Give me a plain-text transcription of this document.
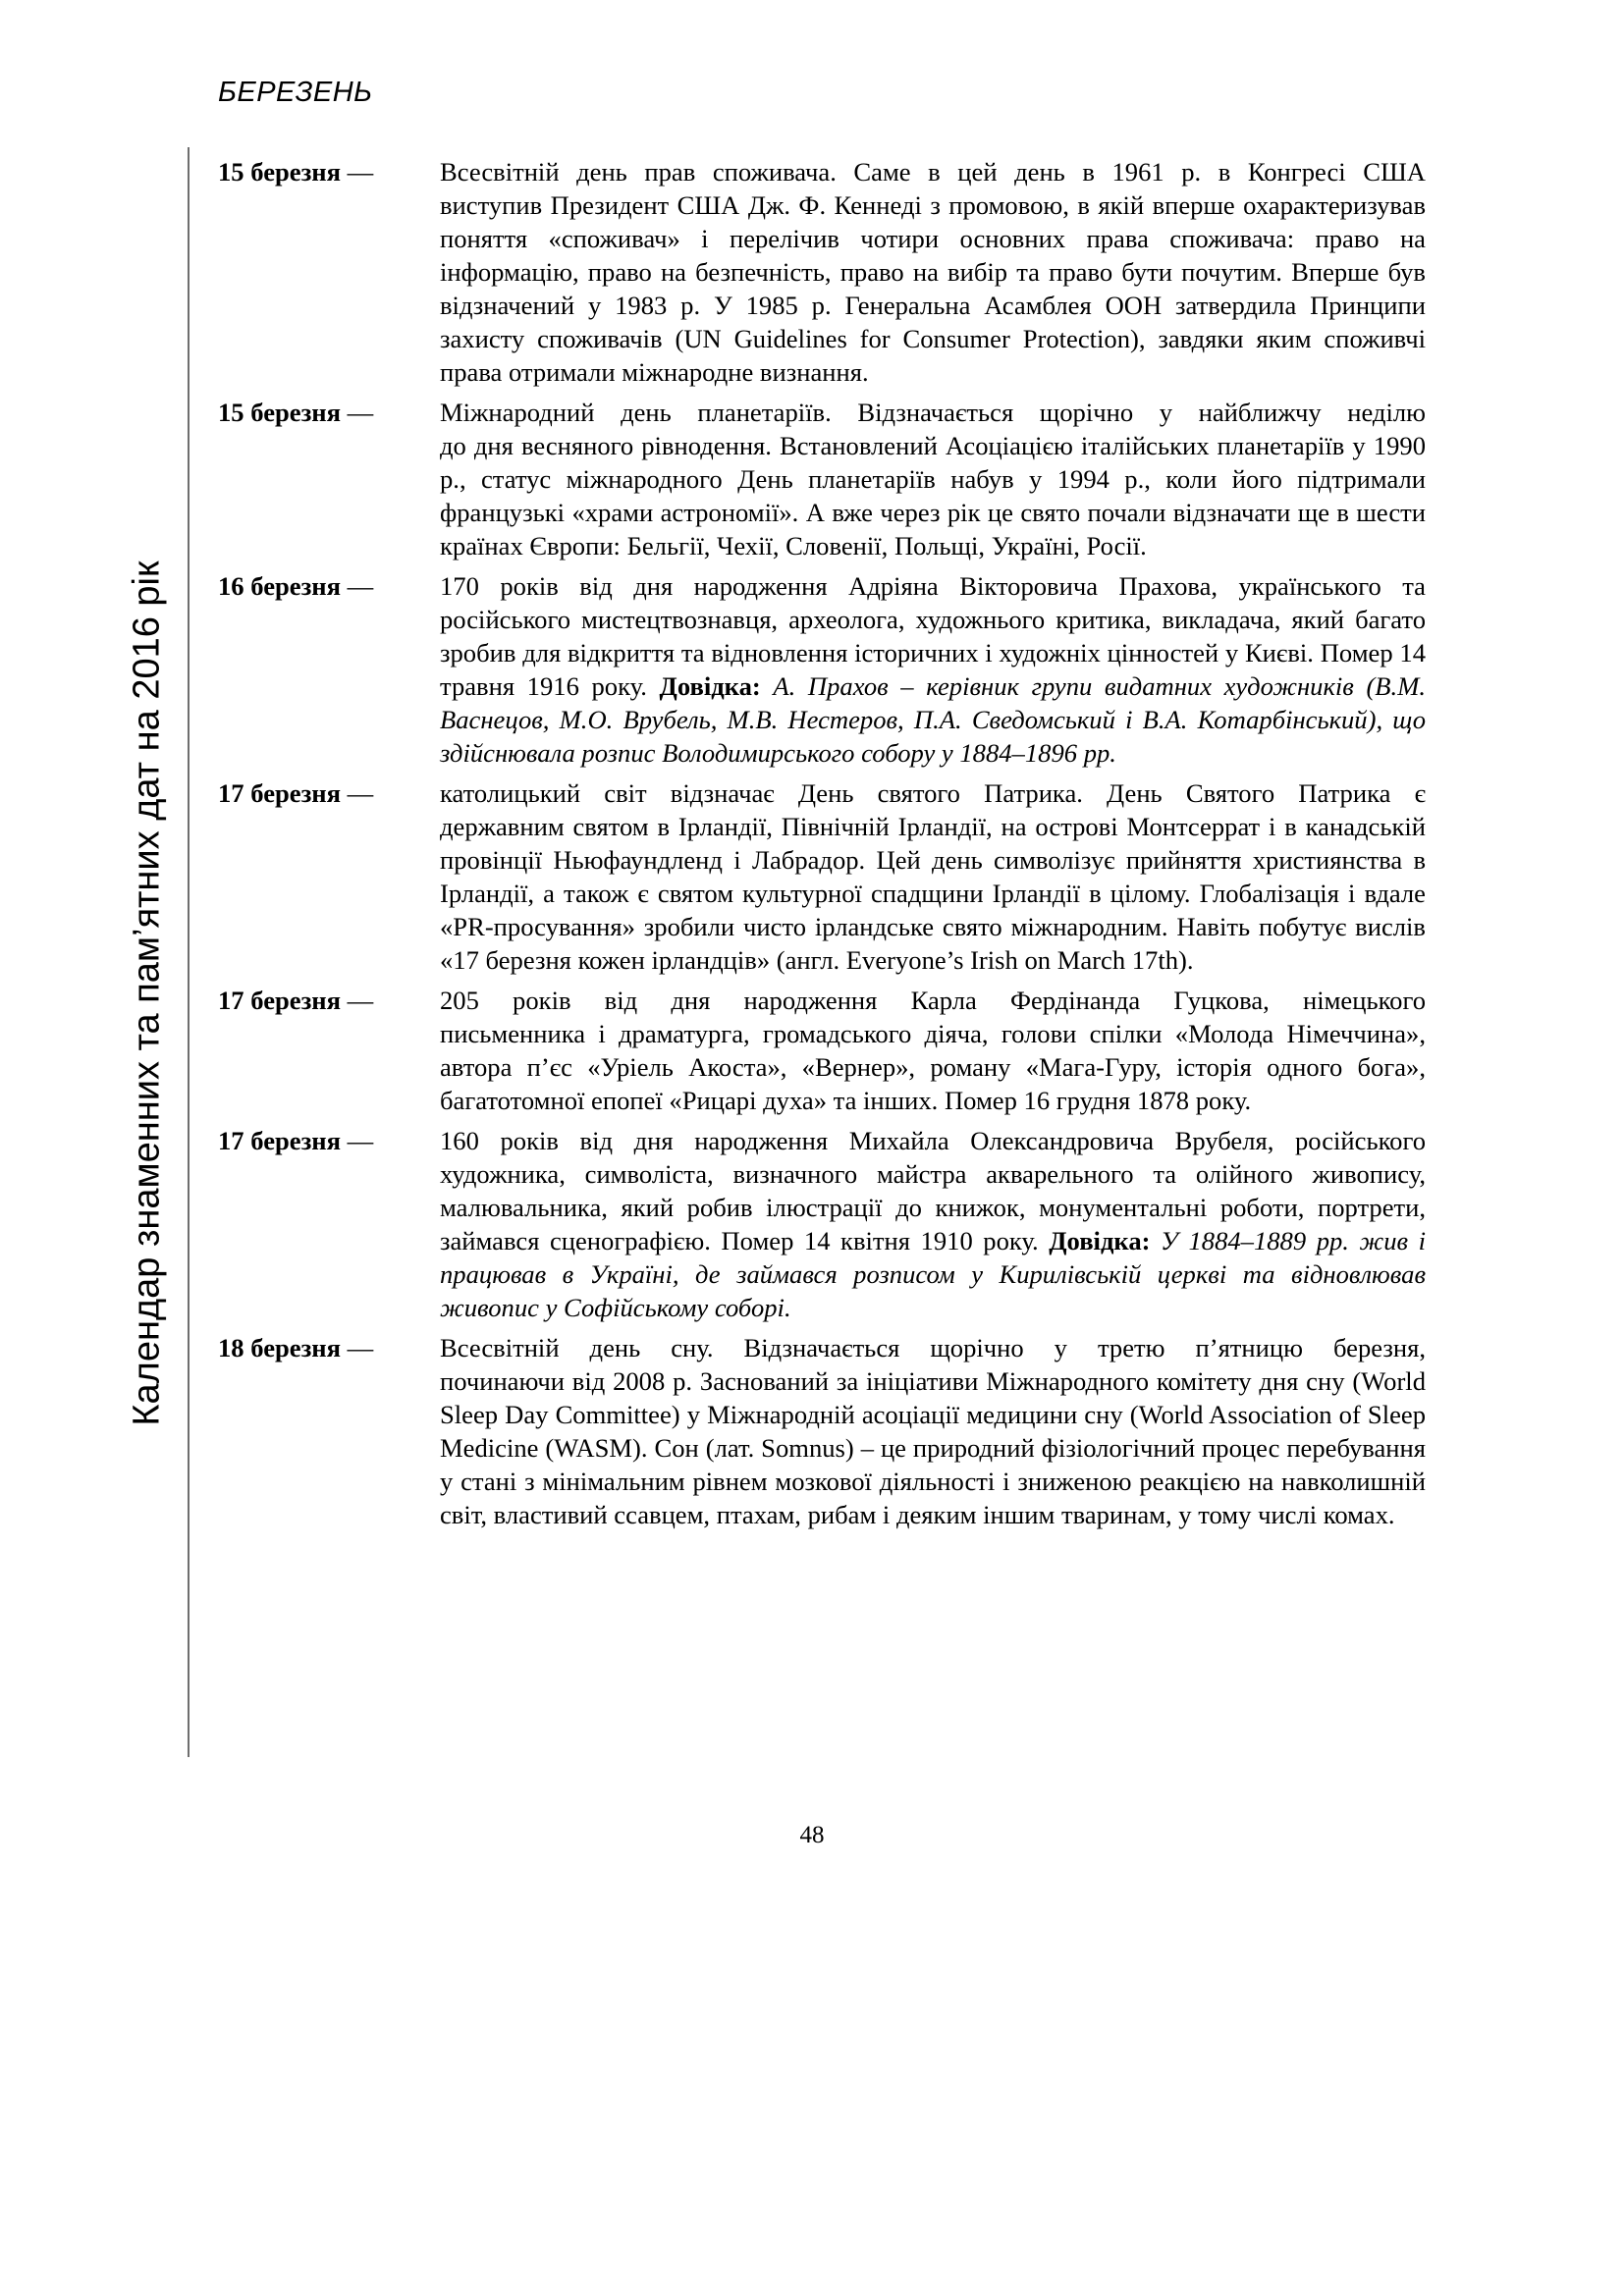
БЕРЕЗЕНЬ
Календар знаменних та пам’ятних дат на 2016 рік
15 березня —	Всесвітній день прав споживача. Саме в цей день в 1961 р. в Конгресі США
виступив Президент США Дж. Ф. Кеннеді з промовою, в якій вперше охарактеризував поняття «споживач» і перелічив чотири основних права споживача: право на інформацію, право на безпечність, право на вибір та право бути почутим. Вперше був відзначений у 1983 р. У 1985 р. Генеральна Асамблея ООН затвердила Принципи захисту споживачів (UN Guidelines for Consumer Protection), завдяки яким споживчі права отримали міжнародне визнання.
15 березня —	Міжнародний день планетаріїв. Відзначається щорічно у найближчу неділю
до дня весняного рівнодення. Встановлений Асоціацією італійських планетаріїв у 1990 р., статус міжнародного День планетаріїв набув у 1994 р., коли його підтримали французькі «храми астрономії». А вже через рік це свято почали відзначати ще в шести країнах Європи: Бельгії, Чехії, Словенії, Польщі, Україні, Росії.
16 березня —	170 років від дня народження Адріяна Вікторовича Прахова, українського та
російського мистецтвознавця, археолога, художнього критика, викладача, який багато зробив для відкриття та відновлення історичних і художніх цінностей у Києві. Помер 14 травня 1916 року. Довідка: А. Прахов – керівник групи видатних художників (В.М. Васнецов, М.О. Врубель, М.В. Нестеров, П.А. Сведомський і В.А. Котарбінський), що здійснювала розпис Володимирського собору у 1884–1896 рр.
17 березня —	католицький світ відзначає День святого Патрика. День Святого Патрика є
державним святом в Ірландії, Північній Ірландії, на острові Монтсеррат і в канадській провінції Ньюфаундленд і Лабрадор. Цей день символізує прийняття християнства в Ірландії, а також є святом культурної спадщини Ірландії в цілому. Глобалізація і вдале «PR-просування» зробили чисто ірландське свято міжнародним. Навіть побутує вислів «17 березня кожен ірландців» (англ. Everyone’s Irish on March 17th).
17 березня —	205 років від дня народження Карла Фердінанда Гуцкова, німецького
письменника і драматурга, громадського діяча, голови спілки «Молода Німеччина», автора п’єс «Уріель Акоста», «Вернер», роману «Мага-Гуру, історія одного бога», багатотомної епопеї «Рицарі духа» та інших. Помер 16 грудня 1878 року.
17 березня —	160 років від дня народження Михайла Олександровича Врубеля, російського
художника, символіста, визначного майстра акварельного та олійного живопису, малювальника, який робив ілюстрації до книжок, монументальні роботи, портрети, займався сценографією. Помер 14 квітня 1910 року. Довідка: У 1884–1889 рр. жив і працював в Україні, де займався розписом у Кирилівській церкві та відновлював живопис у Софійському соборі.
18 березня —	Всесвітній день сну. Відзначається щорічно у третю п’ятницю березня,
починаючи від 2008 р. Заснований за ініціативи Міжнародного комітету дня сну (World Sleep Day Committee) у Міжнародній асоціації медицини сну (World Association of Sleep Medicine (WASM). Сон (лат. Somnus) – це природний фізіологічний процес перебування у стані з мінімальним рівнем мозкової діяльності і зниженою реакцією на навколишній світ, властивий ссавцем, птахам, рибам і деяким іншим тваринам, у тому числі комах.
48
